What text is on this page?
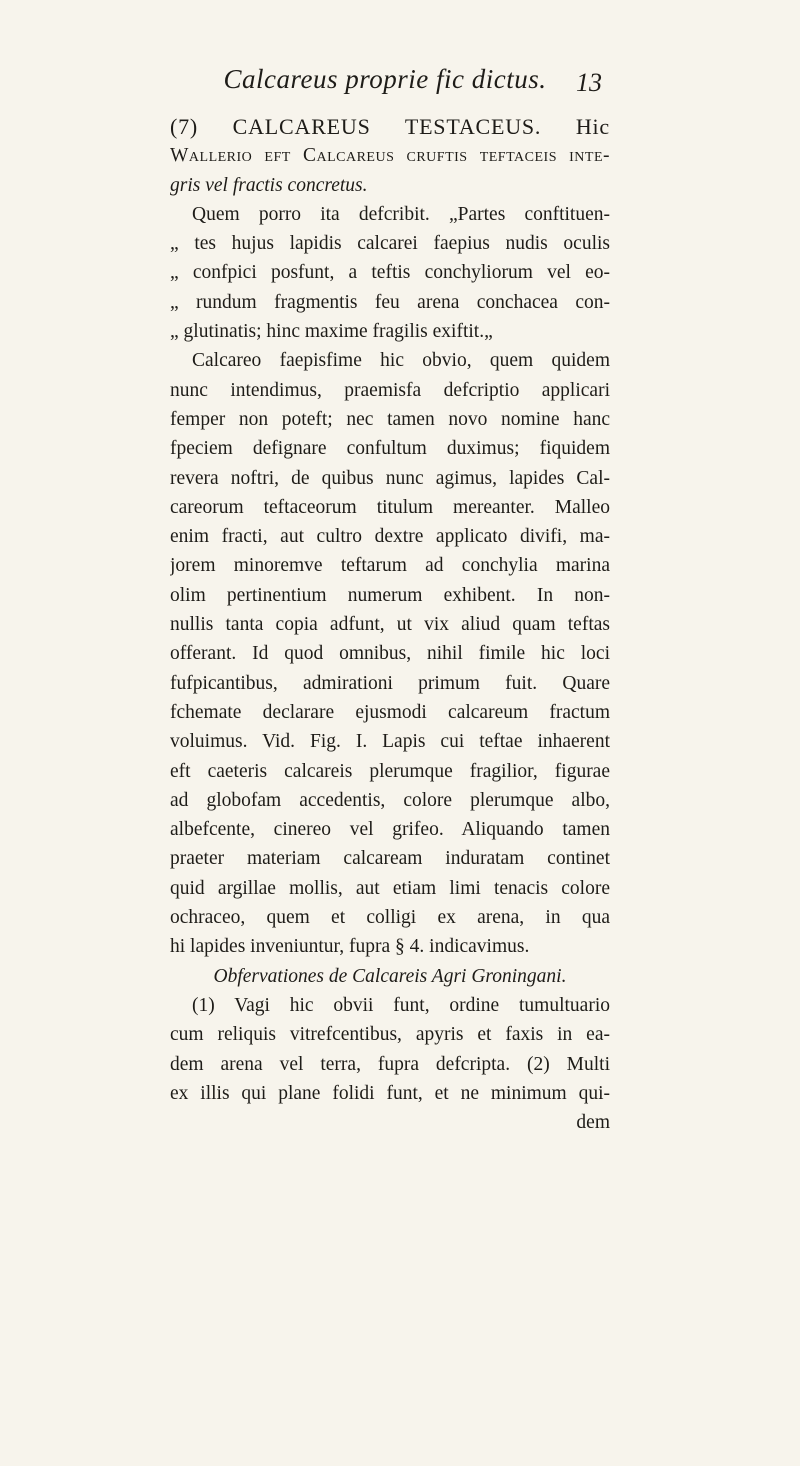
Calcareus proprie fic dictus.	13
(7) CALCAREUS TESTACEUS. Hic
Wallerio eft Calcareus cruftis teftaceis inte-
gris vel fractis concretus.
Quem porro ita defcribit. „Partes conftituen-
„ tes hujus lapidis calcarei faepius nudis oculis
„ confpici posfunt, a teftis conchyliorum vel eo-
„ rundum fragmentis feu arena conchacea con-
„ glutinatis; hinc maxime fragilis exiftit.„
Calcareo faepisfime hic obvio, quem quidem
nunc intendimus, praemisfa defcriptio applicari
femper non poteft; nec tamen novo nomine hanc
fpeciem defignare confultum duximus; fiquidem
revera noftri, de quibus nunc agimus, lapides Cal-
careorum teftaceorum titulum mereanter. Malleo
enim fracti, aut cultro dextre applicato divifi, ma-
jorem minoremve teftarum ad conchylia marina
olim pertinentium numerum exhibent. In non-
nullis tanta copia adfunt, ut vix aliud quam teftas
offerant. Id quod omnibus, nihil fimile hic loci
fufpicantibus, admirationi primum fuit. Quare
fchemate declarare ejusmodi calcareum fractum
voluimus. Vid. Fig. I. Lapis cui teftae inhaerent
eft caeteris calcareis plerumque fragilior, figurae
ad globofam accedentis, colore plerumque albo,
albefcente, cinereo vel grifeo. Aliquando tamen
praeter materiam calcaream induratam continet
quid argillae mollis, aut etiam limi tenacis colore
ochraceo, quem et colligi ex arena, in qua
hi lapides inveniuntur, fupra § 4. indicavimus.
Obfervationes de Calcareis Agri Groningani.
(1) Vagi hic obvii funt, ordine tumultuario
cum reliquis vitrefcentibus, apyris et faxis in ea-
dem arena vel terra, fupra defcripta. (2) Multi
ex illis qui plane folidi funt, et ne minimum qui-
dem
